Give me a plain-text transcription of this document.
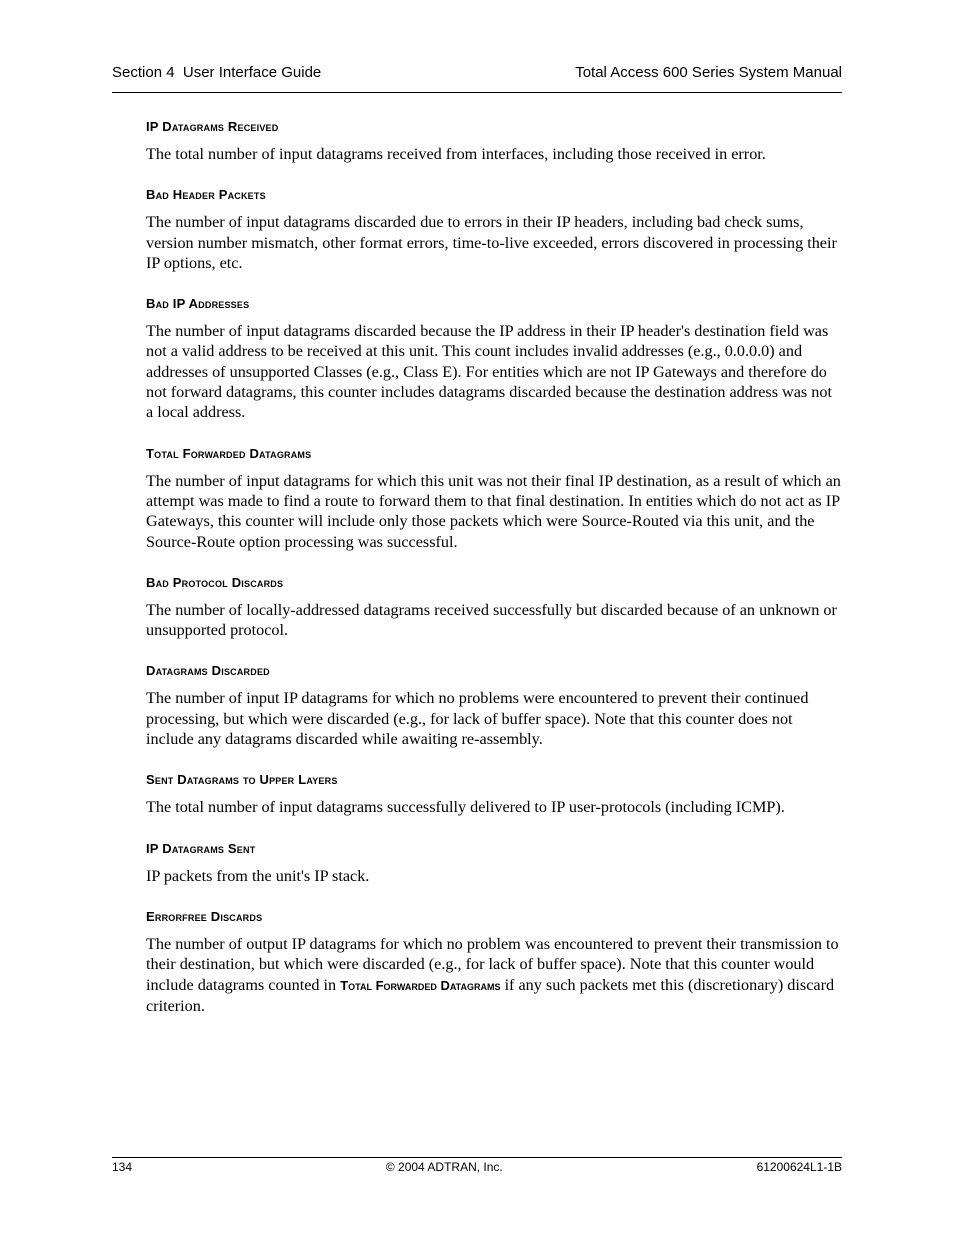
Section 4  User Interface Guide	Total Access 600 Series System Manual
IP Datagrams Received

The total number of input datagrams received from interfaces, including those received in error.

Bad Header Packets

The number of input datagrams discarded due to errors in their IP headers, including bad check sums, version number mismatch, other format errors, time-to-live exceeded, errors discovered in processing their IP options, etc.

Bad IP Addresses

The number of input datagrams discarded because the IP address in their IP header's destination field was not a valid address to be received at this unit. This count includes invalid addresses (e.g., 0.0.0.0) and addresses of unsupported Classes (e.g., Class E). For entities which are not IP Gateways and therefore do not forward datagrams, this counter includes datagrams discarded because the destination address was not a local address.

Total Forwarded Datagrams

The number of input datagrams for which this unit was not their final IP destination, as a result of which an attempt was made to find a route to forward them to that final destination. In entities which do not act as IP Gateways, this counter will include only those packets which were Source-Routed via this unit, and the Source-Route option processing was successful.

Bad Protocol Discards

The number of locally-addressed datagrams received successfully but discarded because of an unknown or unsupported protocol.

Datagrams Discarded

The number of input IP datagrams for which no problems were encountered to prevent their continued processing, but which were discarded (e.g., for lack of buffer space). Note that this counter does not include any datagrams discarded while awaiting re-assembly.

Sent Datagrams to Upper Layers

The total number of input datagrams successfully delivered to IP user-protocols (including ICMP).

IP Datagrams Sent

IP packets from the unit's IP stack.

Errorfree Discards

The number of output IP datagrams for which no problem was encountered to prevent their transmission to their destination, but which were discarded (e.g., for lack of buffer space). Note that this counter would include datagrams counted in Total Forwarded Datagrams if any such packets met this (discretionary) discard criterion.

134	© 2004 ADTRAN, Inc.	61200624L1-1B
